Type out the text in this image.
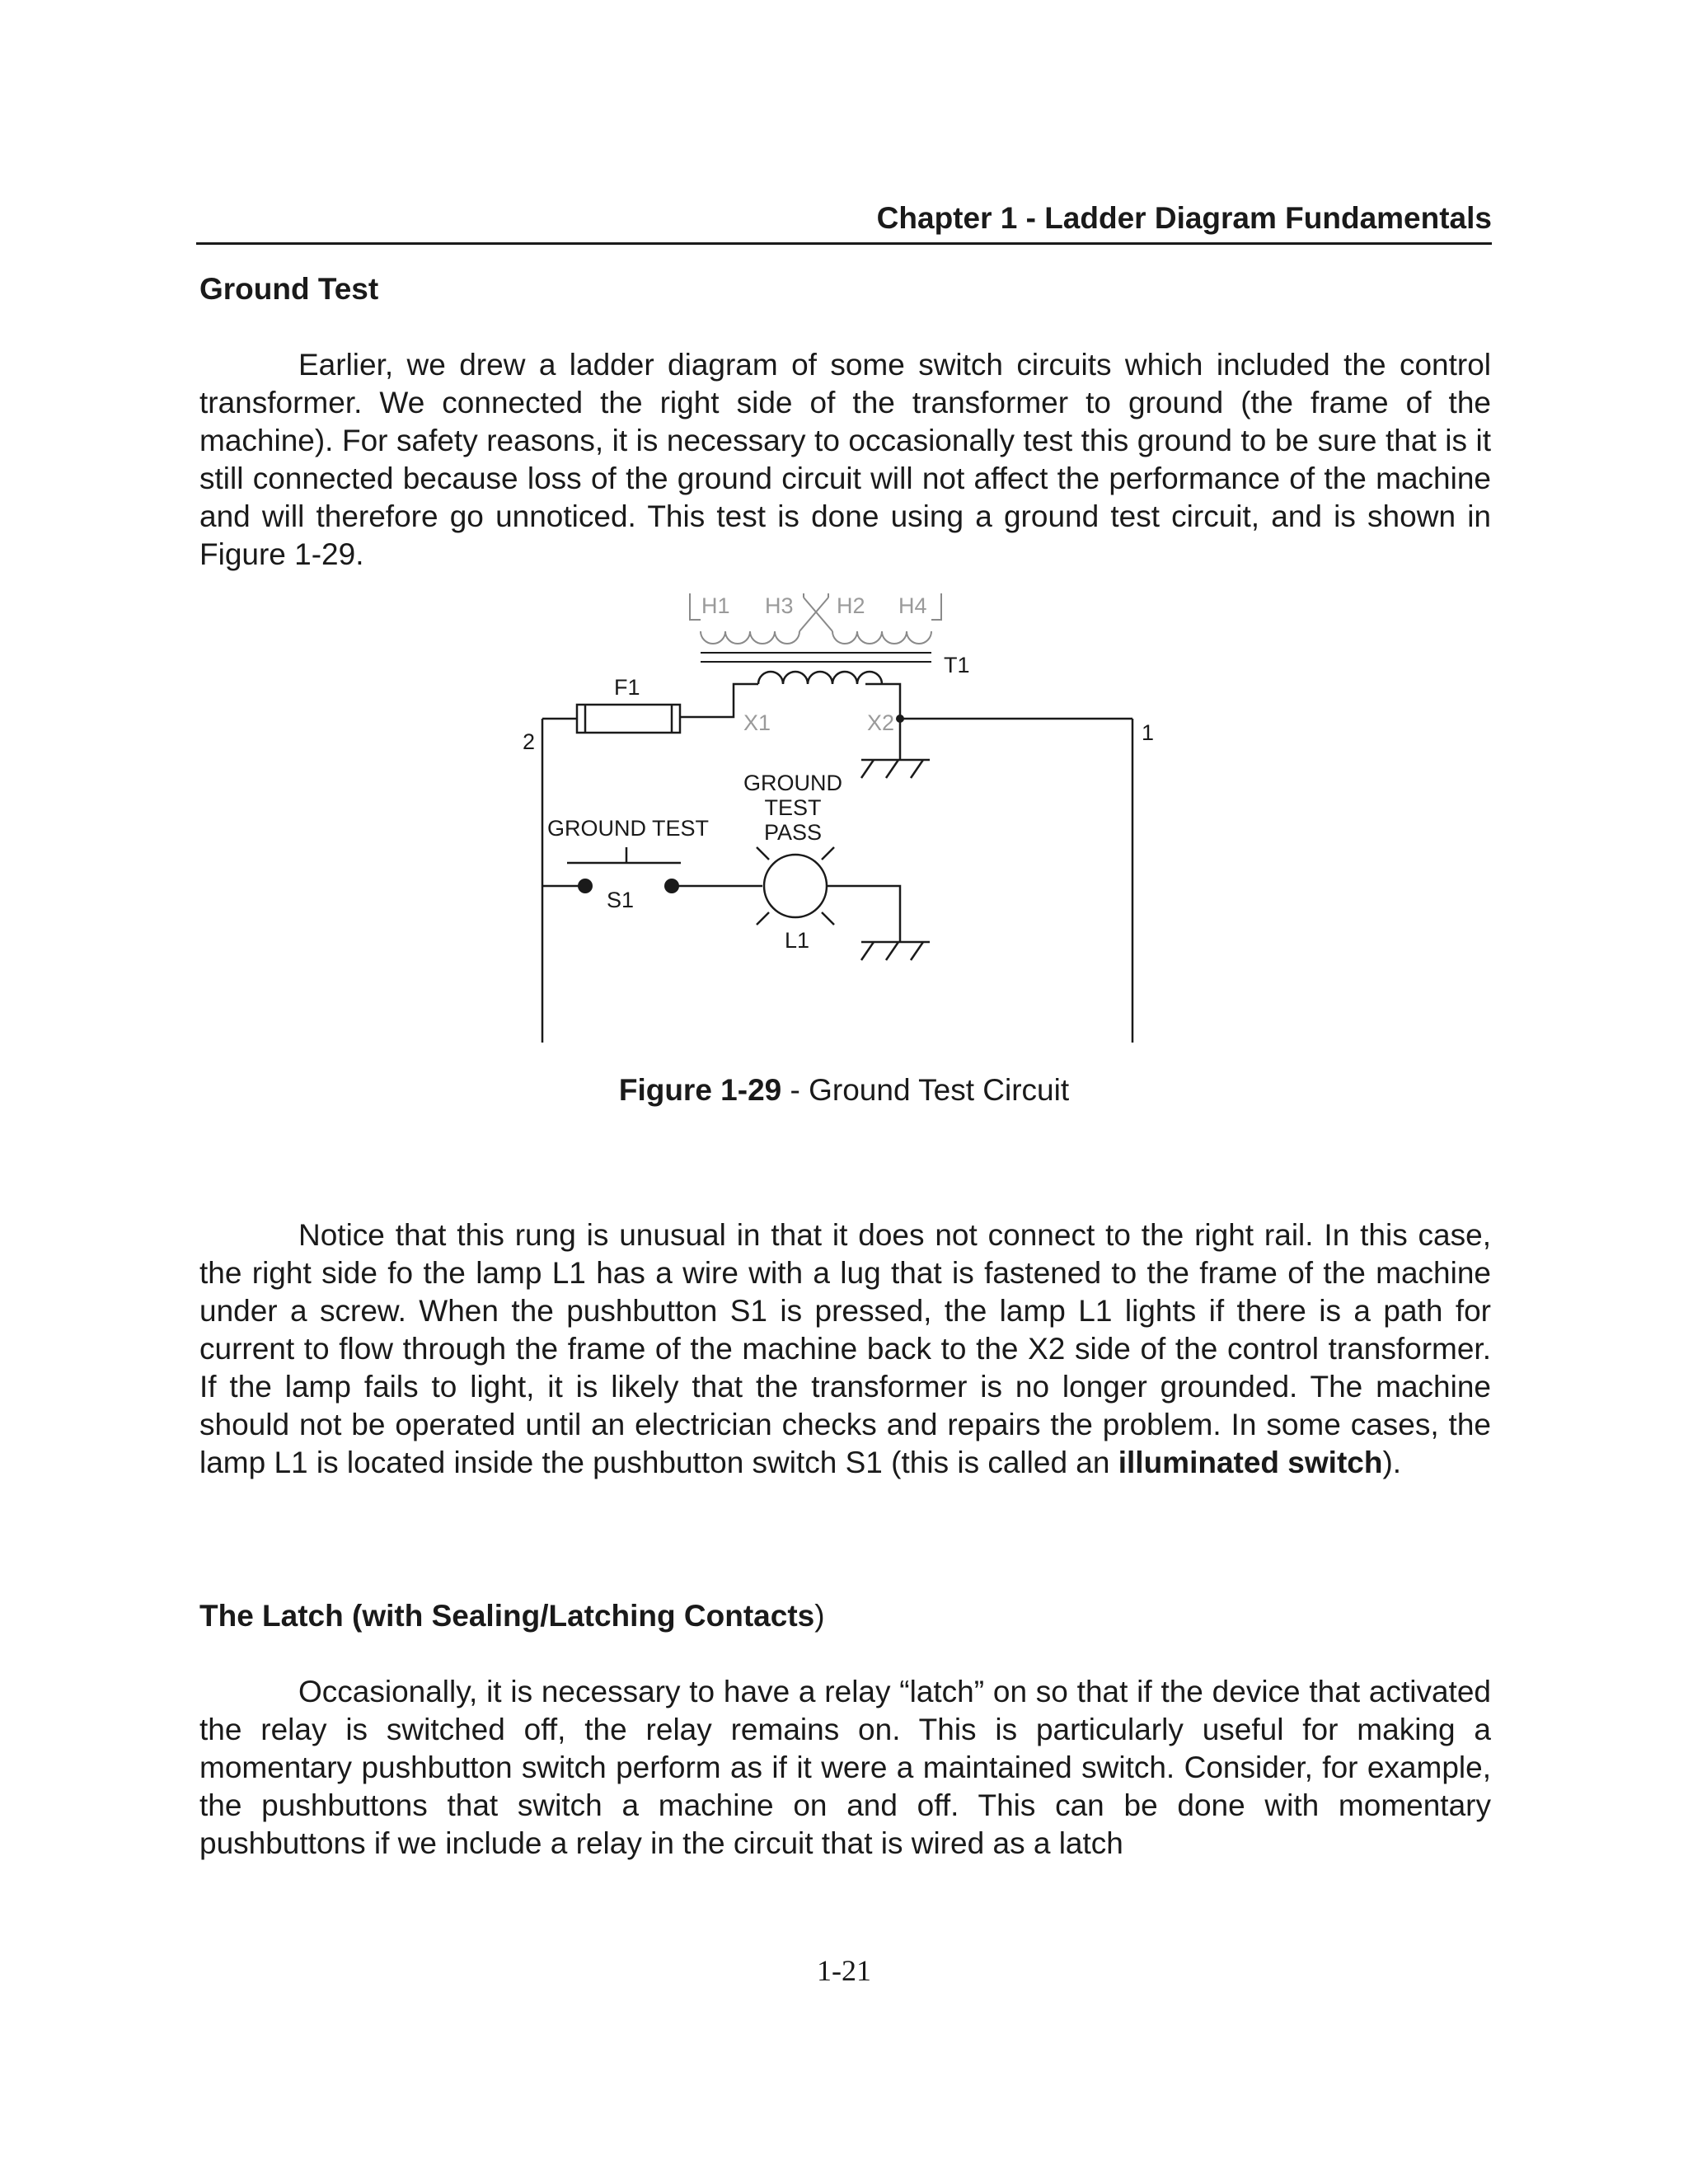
Chapter 1 - Ladder Diagram Fundamentals
Ground Test

Earlier, we drew a ladder diagram of some switch circuits which included the control transformer. We connected the right side of the transformer to ground (the frame of the machine). For safety reasons, it is necessary to occasionally test this ground to be sure that is it still connected because loss of the ground circuit will not affect the performance of the machine and will therefore go unnoticed. This test is done using a ground test circuit, and is shown in Figure 1-29.

H1 H3 H2 H4
T1
F1
X1	X2
2	1
GROUND TEST
GROUND
TEST
PASS
S1
L1
Figure 1-29 - Ground Test Circuit

Notice that this rung is unusual in that it does not connect to the right rail. In this case, the right side fo the lamp L1 has a wire with a lug that is fastened to the frame of the machine under a screw. When the pushbutton S1 is pressed, the lamp L1 lights if there is a path for current to flow through the frame of the machine back to the X2 side of the control transformer. If the lamp fails to light, it is likely that the transformer is no longer grounded. The machine should not be operated until an electrician checks and repairs the problem. In some cases, the lamp L1 is located inside the pushbutton switch S1 (this is called an illuminated switch).

The Latch (with Sealing/Latching Contacts)

Occasionally, it is necessary to have a relay “latch” on so that if the device that activated the relay is switched off, the relay remains on. This is particularly useful for making a momentary pushbutton switch perform as if it were a maintained switch. Consider, for example, the pushbuttons that switch a machine on and off. This can be done with momentary pushbuttons if we include a relay in the circuit that is wired as a latch

1-21
